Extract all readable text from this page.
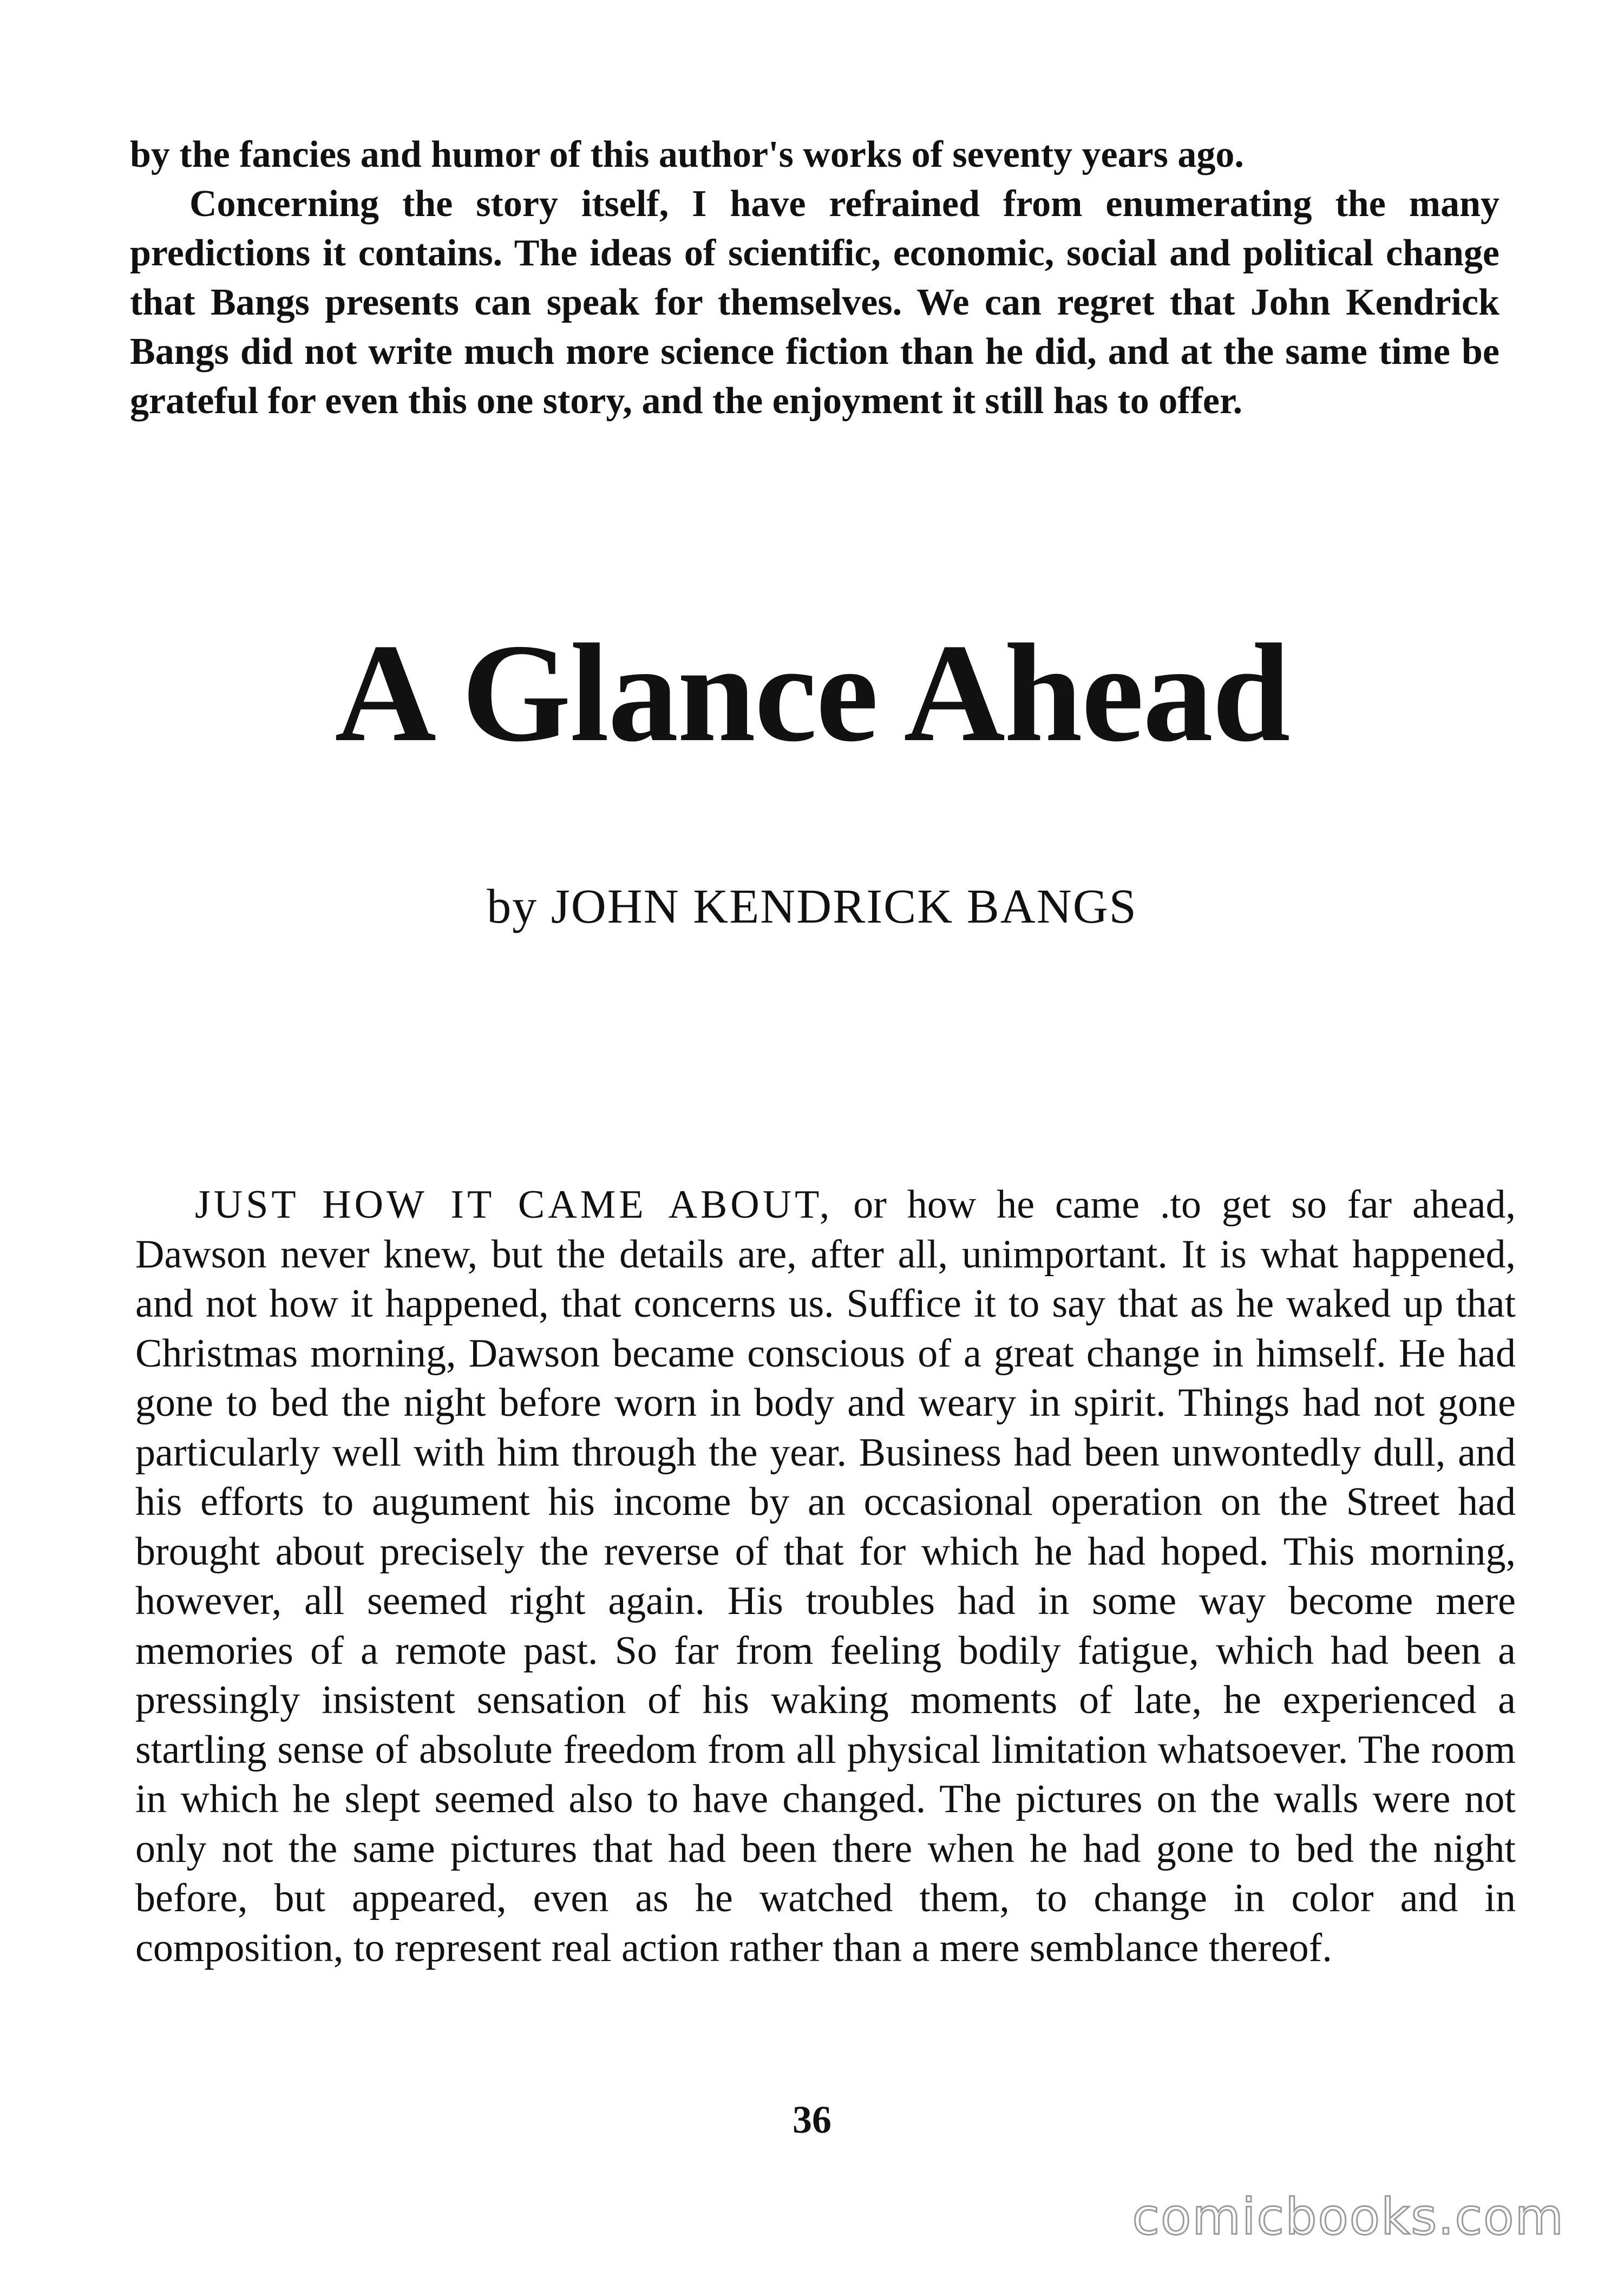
by the fancies and humor of this author's works of seventy years ago.

Concerning the story itself, I have refrained from enumerating the many predictions it contains. The ideas of scientific, economic, social and political change that Bangs presents can speak for themselves. We can regret that John Kendrick Bangs did not write much more science fiction than he did, and at the same time be grateful for even this one story, and the enjoyment it still has to offer.

A Glance Ahead

by JOHN KENDRICK BANGS

JUST HOW IT CAME ABOUT, or how he came .to get so far ahead, Dawson never knew, but the details are, after all, unimportant. It is what happened, and not how it happened, that concerns us. Suffice it to say that as he waked up that Christmas morning, Dawson became conscious of a great change in himself. He had gone to bed the night before worn in body and weary in spirit. Things had not gone particularly well with him through the year. Business had been unwontedly dull, and his efforts to augument his income by an occasional operation on the Street had brought about precisely the reverse of that for which he had hoped. This morning, however, all seemed right again. His troubles had in some way become mere memories of a remote past. So far from feeling bodily fatigue, which had been a pressingly insistent sensation of his waking moments of late, he experienced a startling sense of absolute freedom from all physical limitation whatsoever. The room in which he slept seemed also to have changed. The pictures on the walls were not only not the same pictures that had been there when he had gone to bed the night before, but appeared, even as he watched them, to change in color and in composition, to represent real action rather than a mere semblance thereof.

36

comicbooks.com
